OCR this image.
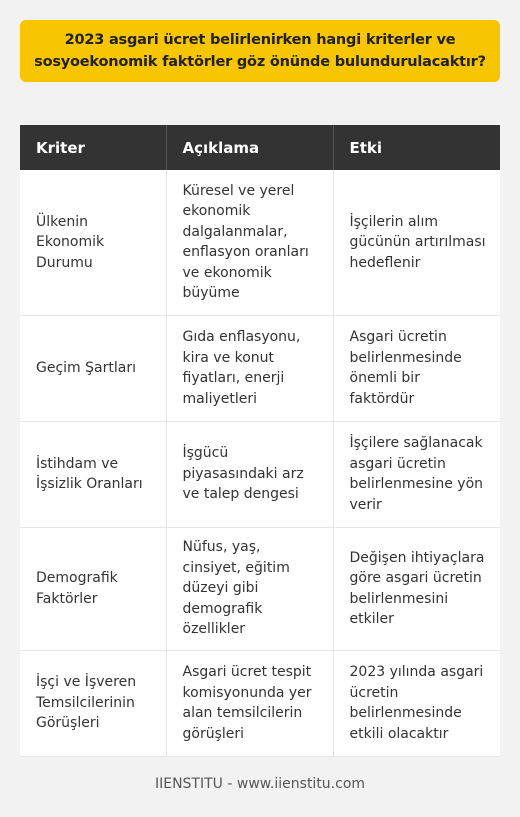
2023 asgari ücret belirlenirken hangi kriterler ve
sosyoekonomik faktörler göz önünde bulundurulacaktır?
Kriter	Açıklama	Etki
Ülkenin Ekonomik Durumu	Küresel ve yerel ekonomik dalgalanmalar, enflasyon oranları ve ekonomik büyüme	İşçilerin alım gücünün artırılması hedeflenir
Geçim Şartları	Gıda enflasyonu, kira ve konut fiyatları, enerji maliyetleri	Asgari ücretin belirlenmesinde önemli bir faktördür
İstihdam ve İşsizlik Oranları	İşgücü piyasasındaki arz ve talep dengesi	İşçilere sağlanacak asgari ücretin belirlenmesine yön verir
Demografik Faktörler	Nüfus, yaş, cinsiyet, eğitim düzeyi gibi demografik özellikler	Değişen ihtiyaçlara göre asgari ücretin belirlenmesini etkiler
İşçi ve İşveren Temsilcilerinin Görüşleri	Asgari ücret tespit komisyonunda yer alan temsilcilerin görüşleri	2023 yılında asgari ücretin belirlenmesinde etkili olacaktır
IIENSTITU - www.iienstitu.com
